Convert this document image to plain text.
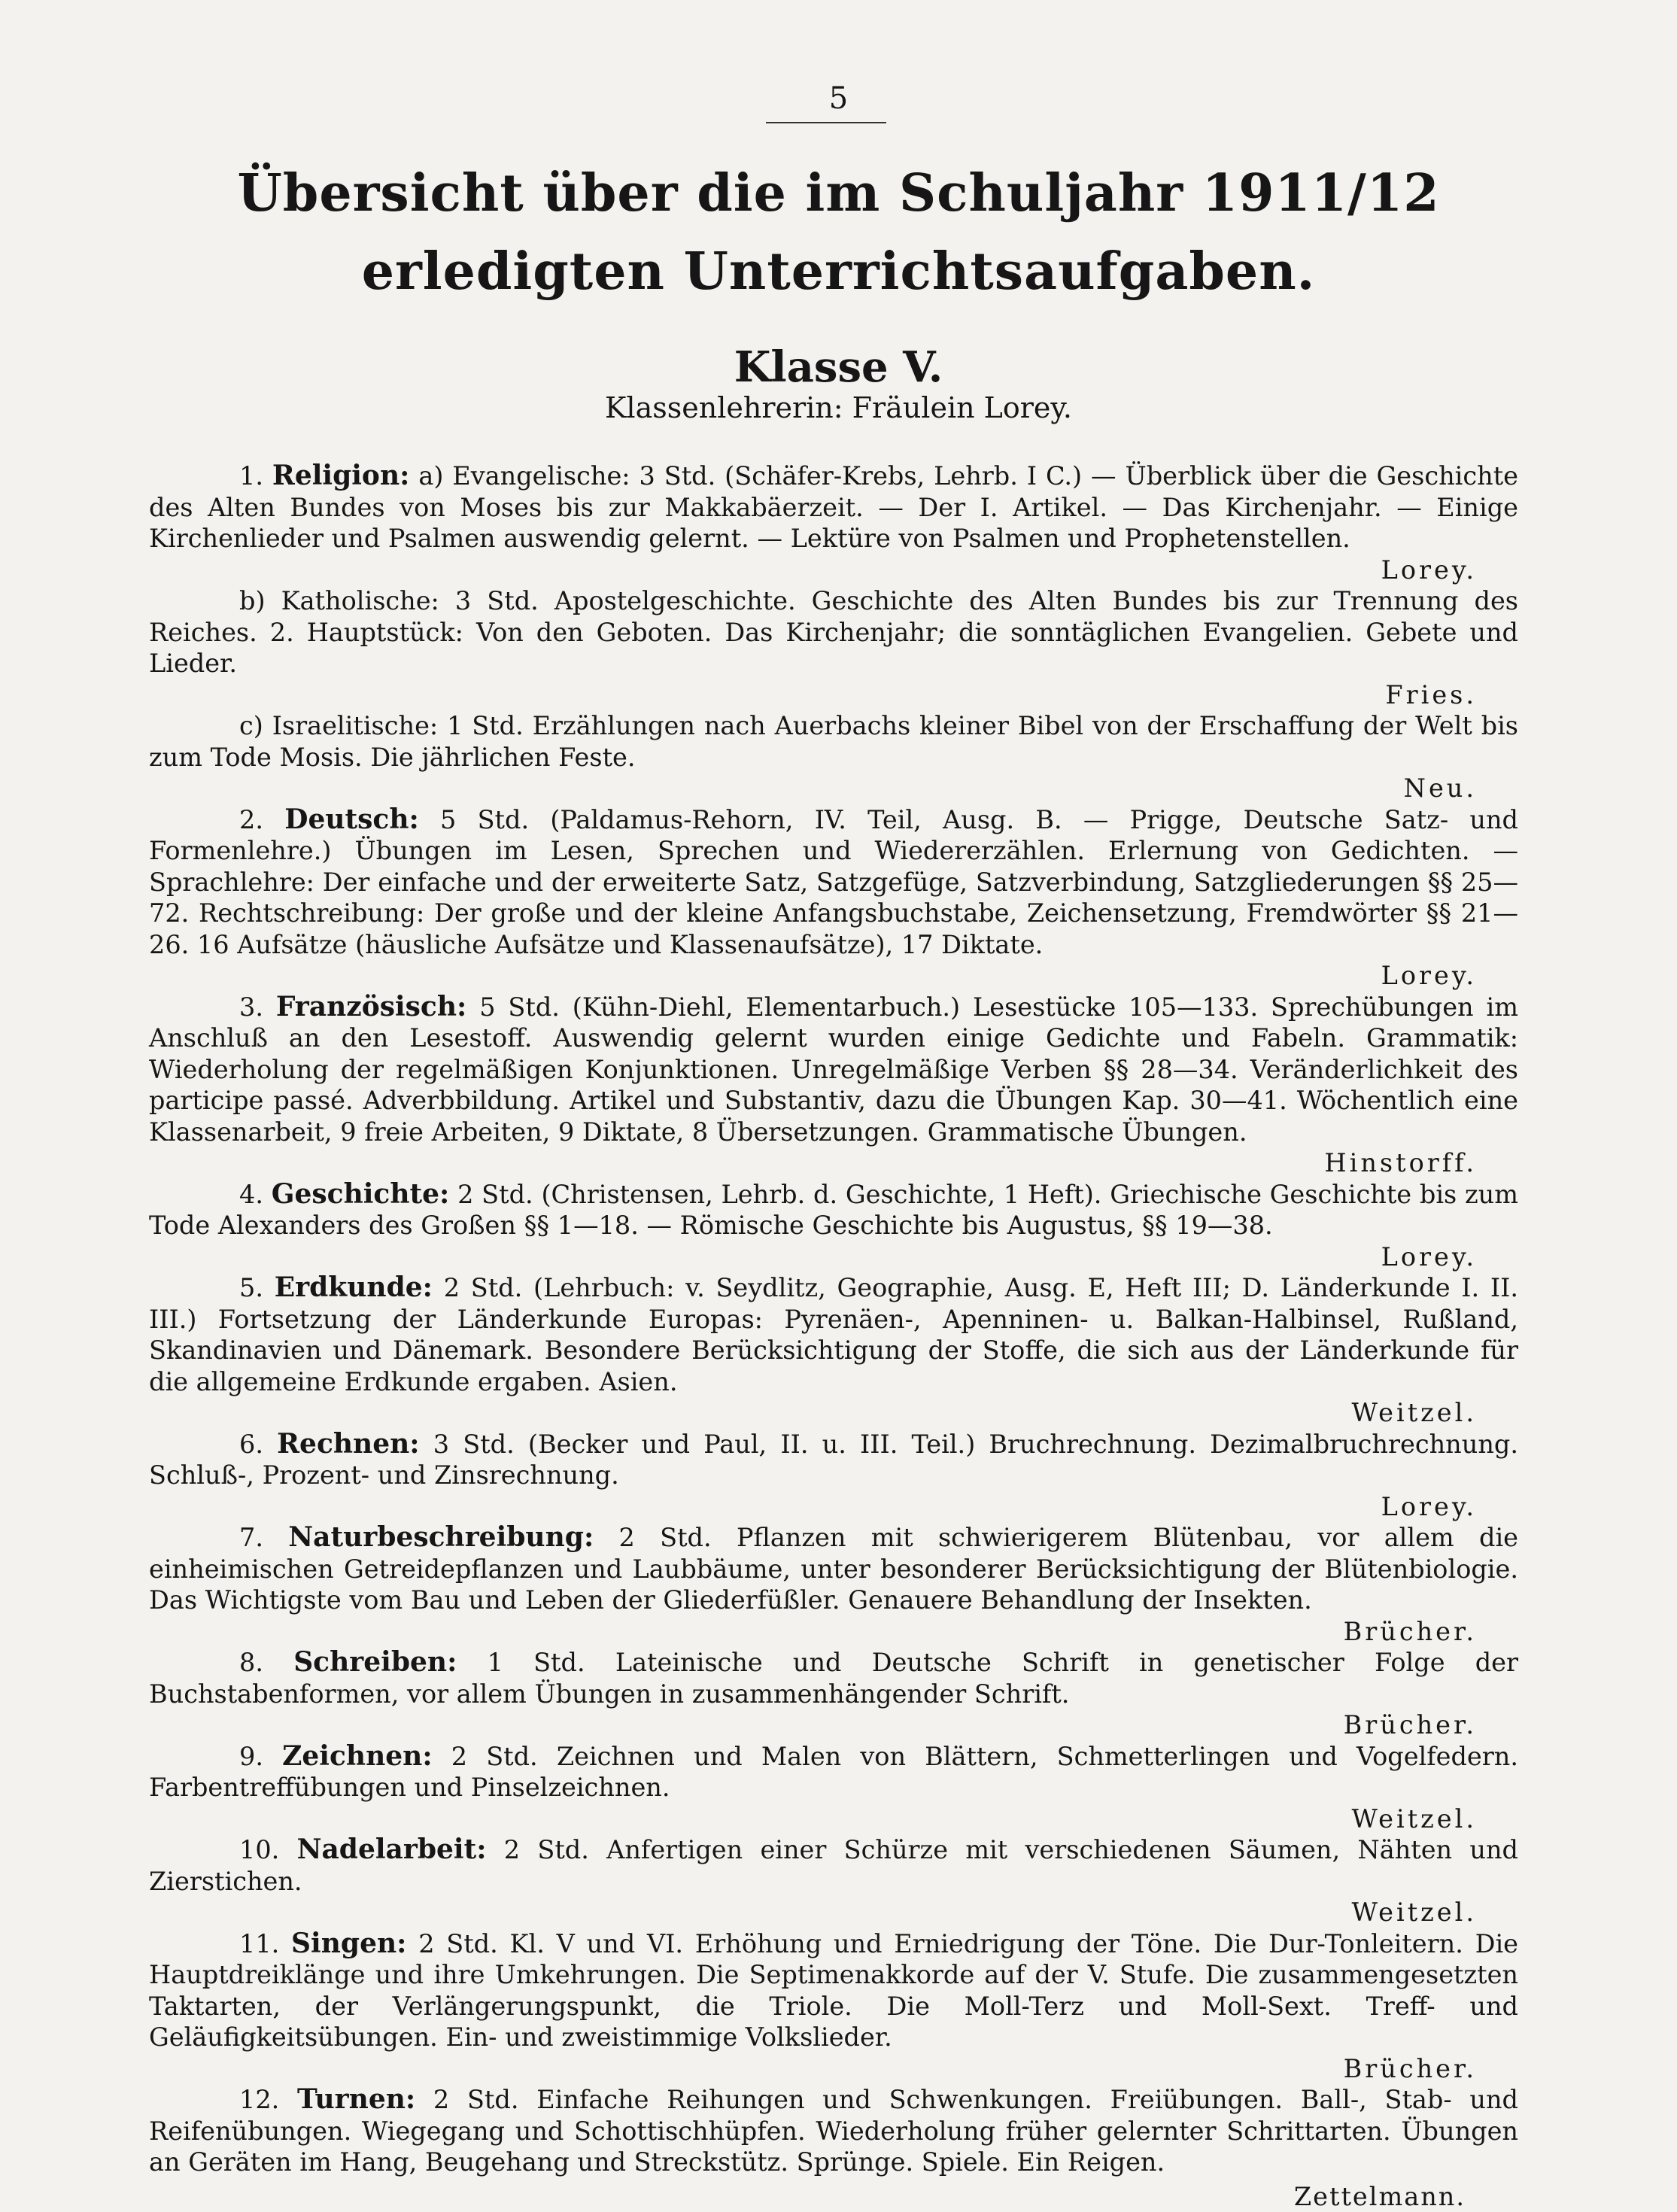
5
Übersicht über die im Schuljahr 1911/12 erledigten Unterrichtsaufgaben.
Klasse V.
Klassenlehrerin: Fräulein Lorey.

1. Religion: a) Evangelische: 3 Std. (Schäfer-Krebs, Lehrb. I C.) — Überblick über die Geschichte des Alten Bundes von Moses bis zur Makkabäerzeit. — Der I. Artikel. — Das Kirchenjahr. — Einige Kirchenlieder und Psalmen auswendig gelernt. — Lektüre von Psalmen und Prophetenstellen.
Lorey.

b) Katholische: 3 Std. Apostelgeschichte. Geschichte des Alten Bundes bis zur Trennung des Reiches. 2. Hauptstück: Von den Geboten. Das Kirchenjahr; die sonntäglichen Evangelien. Gebete und Lieder.
Fries.

c) Israelitische: 1 Std. Erzählungen nach Auerbachs kleiner Bibel von der Erschaffung der Welt bis zum Tode Mosis. Die jährlichen Feste.
Neu.

2. Deutsch: 5 Std. (Paldamus-Rehorn, IV. Teil, Ausg. B. — Prigge, Deutsche Satz- und Formenlehre.) Übungen im Lesen, Sprechen und Wiedererzählen. Erlernung von Gedichten. — Sprachlehre: Der einfache und der erweiterte Satz, Satzgefüge, Satzverbindung, Satzgliederungen §§ 25—72. Rechtschreibung: Der große und der kleine Anfangsbuchstabe, Zeichensetzung, Fremdwörter §§ 21—26. 16 Aufsätze (häusliche Aufsätze und Klassenaufsätze), 17 Diktate.
Lorey.

3. Französisch: 5 Std. (Kühn-Diehl, Elementarbuch.) Lesestücke 105—133. Sprechübungen im Anschluß an den Lesestoff. Auswendig gelernt wurden einige Gedichte und Fabeln. Grammatik: Wiederholung der regelmäßigen Konjunktionen. Unregelmäßige Verben §§ 28—34. Veränderlichkeit des participe passé. Adverbbildung. Artikel und Substantiv, dazu die Übungen Kap. 30—41. Wöchentlich eine Klassenarbeit, 9 freie Arbeiten, 9 Diktate, 8 Übersetzungen. Grammatische Übungen.
Hinstorff.

4. Geschichte: 2 Std. (Christensen, Lehrb. d. Geschichte, 1 Heft). Griechische Geschichte bis zum Tode Alexanders des Großen §§ 1—18. — Römische Geschichte bis Augustus, §§ 19—38.
Lorey.

5. Erdkunde: 2 Std. (Lehrbuch: v. Seydlitz, Geographie, Ausg. E, Heft III; D. Länderkunde I. II. III.) Fortsetzung der Länderkunde Europas: Pyrenäen-, Apenninen- u. Balkan-Halbinsel, Rußland, Skandinavien und Dänemark. Besondere Berücksichtigung der Stoffe, die sich aus der Länderkunde für die allgemeine Erdkunde ergaben. Asien.
Weitzel.

6. Rechnen: 3 Std. (Becker und Paul, II. u. III. Teil.) Bruchrechnung. Dezimalbruchrechnung. Schluß-, Prozent- und Zinsrechnung.
Lorey.

7. Naturbeschreibung: 2 Std. Pflanzen mit schwierigerem Blütenbau, vor allem die einheimischen Getreidepflanzen und Laubbäume, unter besonderer Berücksichtigung der Blütenbiologie. Das Wichtigste vom Bau und Leben der Gliederfüßler. Genauere Behandlung der Insekten.
Brücher.

8. Schreiben: 1 Std. Lateinische und Deutsche Schrift in genetischer Folge der Buchstabenformen, vor allem Übungen in zusammenhängender Schrift.
Brücher.

9. Zeichnen: 2 Std. Zeichnen und Malen von Blättern, Schmetterlingen und Vogelfedern. Farbentreffübungen und Pinselzeichnen.
Weitzel.

10. Nadelarbeit: 2 Std. Anfertigen einer Schürze mit verschiedenen Säumen, Nähten und Zierstichen.
Weitzel.

11. Singen: 2 Std. Kl. V und VI. Erhöhung und Erniedrigung der Töne. Die Dur-Tonleitern. Die Hauptdreiklänge und ihre Umkehrungen. Die Septimenakkorde auf der V. Stufe. Die zusammengesetzten Taktarten, der Verlängerungspunkt, die Triole. Die Moll-Terz und Moll-Sext. Treff- und Geläufigkeitsübungen. Ein- und zweistimmige Volkslieder.
Brücher.

12. Turnen: 2 Std. Einfache Reihungen und Schwenkungen. Freiübungen. Ball-, Stab- und Reifenübungen. Wiegegang und Schottischhüpfen. Wiederholung früher gelernter Schrittarten. Übungen an Geräten im Hang, Beugehang und Streckstütz. Sprünge. Spiele. Ein Reigen.
Zettelmann.
